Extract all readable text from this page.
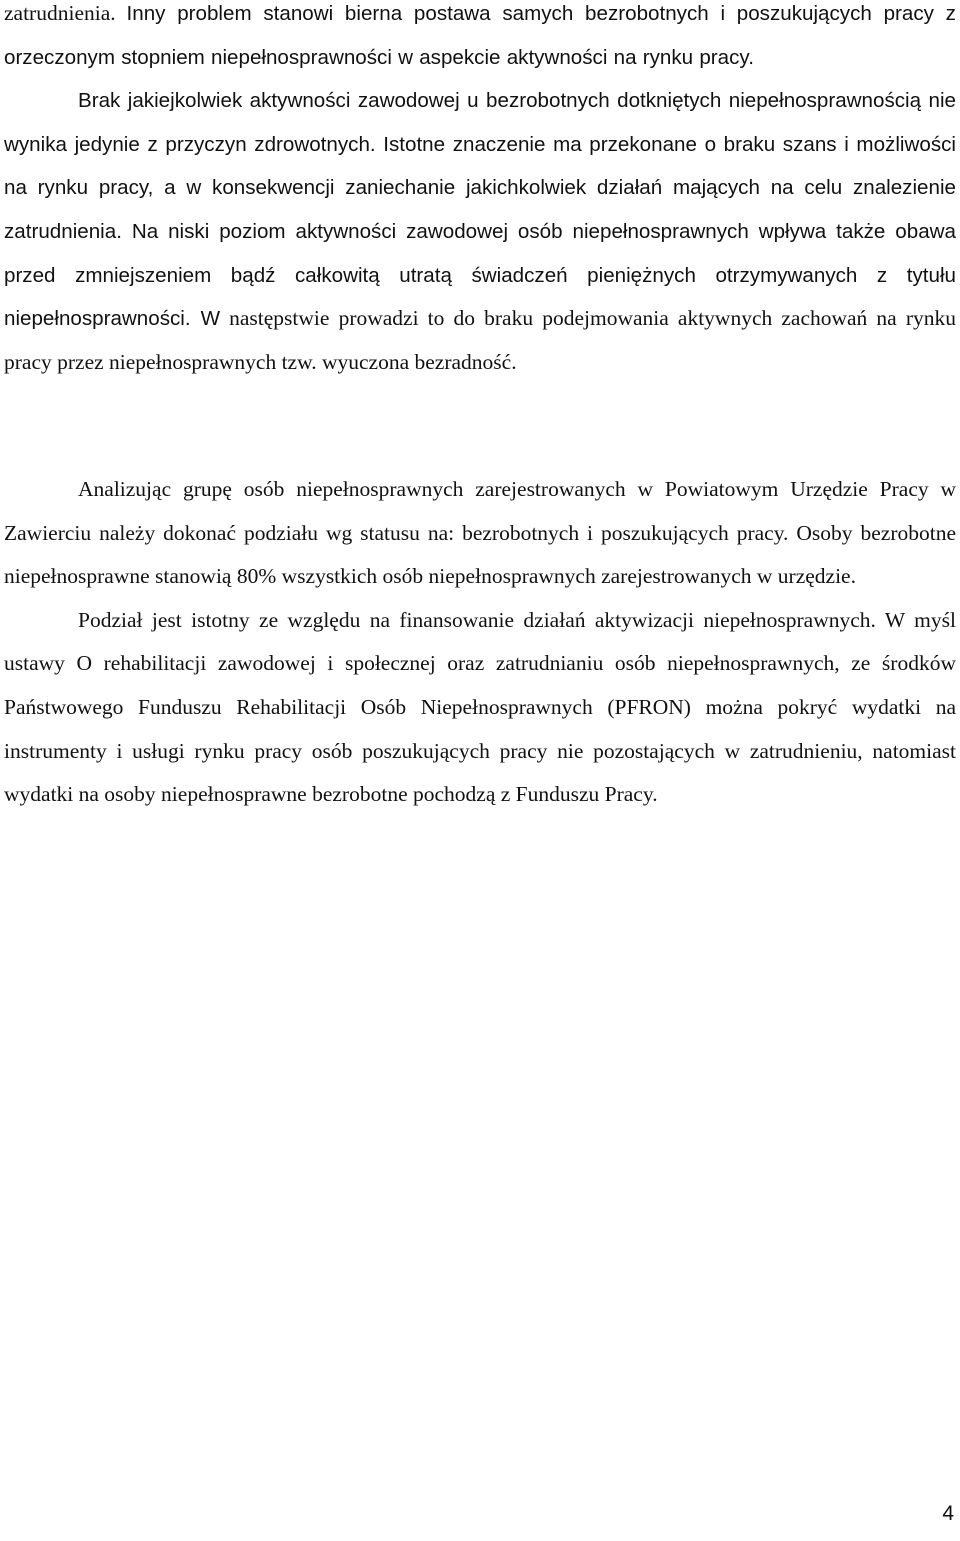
zatrudnienia. Inny problem stanowi bierna postawa samych bezrobotnych i poszukujących pracy z orzeczonym stopniem niepełnosprawności w aspekcie aktywności na rynku pracy.

Brak jakiejkolwiek aktywności zawodowej u bezrobotnych dotkniętych niepełnosprawnością nie wynika jedynie z przyczyn zdrowotnych. Istotne znaczenie ma przekonane o braku szans i możliwości na rynku pracy, a w konsekwencji zaniechanie jakichkolwiek działań mających na celu znalezienie zatrudnienia. Na niski poziom aktywności zawodowej osób niepełnosprawnych wpływa także obawa przed zmniejszeniem bądź całkowitą utratą świadczeń pieniężnych otrzymywanych z tytułu niepełnosprawności. W następstwie prowadzi to do braku podejmowania aktywnych zachowań na rynku pracy przez niepełnosprawnych tzw. wyuczona bezradność.

Analizując grupę osób niepełnosprawnych zarejestrowanych w Powiatowym Urzędzie Pracy w Zawierciu należy dokonać podziału wg statusu na: bezrobotnych i poszukujących pracy. Osoby bezrobotne niepełnosprawne stanowią 80% wszystkich osób niepełnosprawnych zarejestrowanych w urzędzie.

Podział jest istotny ze względu na finansowanie działań aktywizacji niepełnosprawnych. W myśl ustawy O rehabilitacji zawodowej i społecznej oraz zatrudnianiu osób niepełnosprawnych, ze środków Państwowego Funduszu Rehabilitacji Osób Niepełnosprawnych (PFRON) można pokryć wydatki na instrumenty i usługi rynku pracy osób poszukujących pracy nie pozostających w zatrudnieniu, natomiast wydatki na osoby niepełnosprawne bezrobotne pochodzą z Funduszu Pracy.

4
